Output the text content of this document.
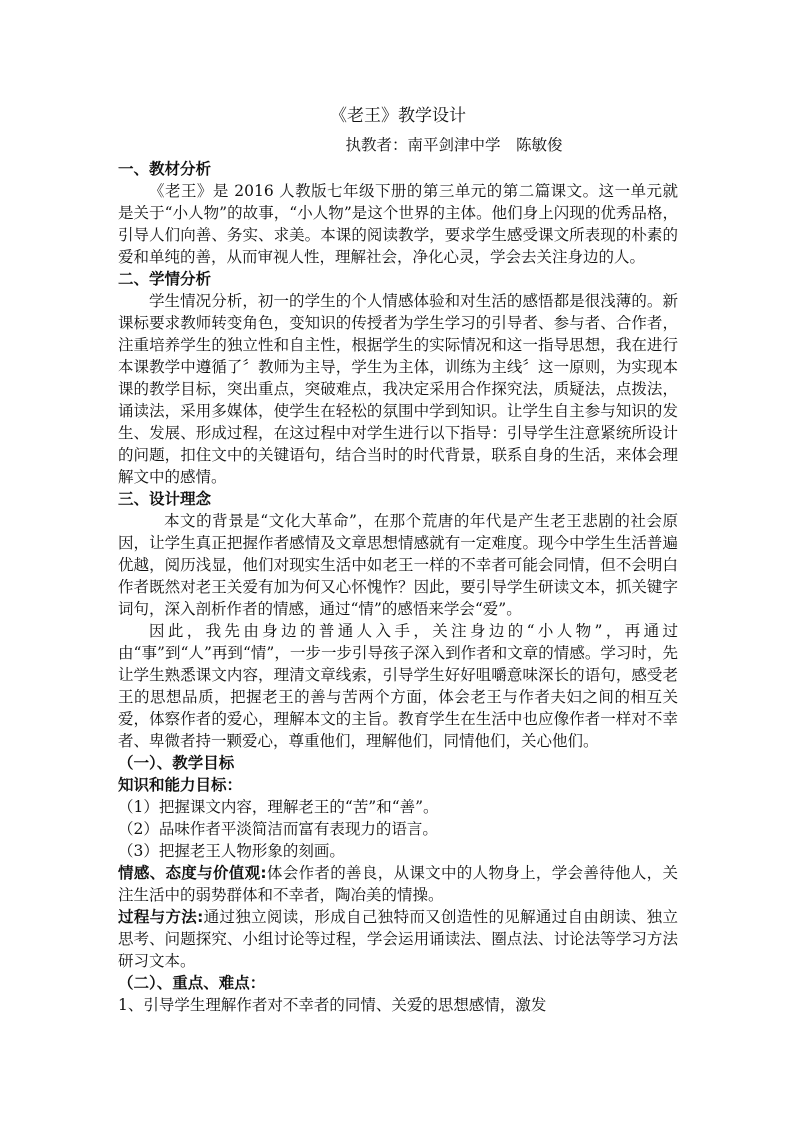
《老王》教学设计
执教者：南平剑津中学　陈敏俊
一、教材分析

《老王》是 2016 人教版七年级下册的第三单元的第二篇课文。这一单元就是关于“小人物”的故事，“小人物”是这个世界的主体。他们身上闪现的优秀品格，引导人们向善、务实、求美。本课的阅读教学，要求学生感受课文所表现的朴素的爱和单纯的善，从而审视人性，理解社会，净化心灵，学会去关注身边的人。

二、学情分析

学生情况分析，初一的学生的个人情感体验和对生活的感悟都是很浅薄的。新课标要求教师转变角色，变知识的传授者为学生学习的引导者、参与者、合作者，注重培养学生的独立性和自主性，根据学生的实际情况和这一指导思想，我在进行本课教学中遵循了〞教师为主导，学生为主体，训练为主线〞这一原则，为实现本课的教学目标，突出重点，突破难点，我决定采用合作探究法，质疑法，点拨法，诵读法，采用多媒体，使学生在轻松的氛围中学到知识。让学生自主参与知识的发生、发展、形成过程，在这过程中对学生进行以下指导：引导学生注意紧统所设计的问题，扣住文中的关键语句，结合当时的时代背景，联系自身的生活，来体会理解文中的感情。

三、设计理念

本文的背景是“文化大革命”，在那个荒唐的年代是产生老王悲剧的社会原因，让学生真正把握作者感情及文章思想情感就有一定难度。现今中学生生活普遍优越，阅历浅显，他们对现实生活中如老王一样的不幸者可能会同情，但不会明白作者既然对老王关爱有加为何又心怀愧怍？因此，要引导学生研读文本，抓关键字词句，深入剖析作者的情感，通过“情”的感悟来学会“爱”。

因此，我先由身边的普通人入手，关注身边的“小人物”，再通过由“事”到“人”再到“情”，一步一步引导孩子深入到作者和文章的情感。学习时，先让学生熟悉课文内容，理清文章线索，引导学生好好咀嚼意味深长的语句，感受老王的思想品质，把握老王的善与苦两个方面，体会老王与作者夫妇之间的相互关爱，体察作者的爱心，理解本文的主旨。教育学生在生活中也应像作者一样对不幸者、卑微者持一颗爱心，尊重他们，理解他们，同情他们，关心他们。

（一）、教学目标
知识和能力目标：
（1）把握课文内容，理解老王的“苦”和“善”。
（2）品味作者平淡简洁而富有表现力的语言。
（3）把握老王人物形象的刻画。

情感、态度与价值观:体会作者的善良，从课文中的人物身上，学会善待他人，关注生活中的弱势群体和不幸者，陶冶美的情操。

过程与方法:通过独立阅读，形成自己独特而又创造性的见解通过自由朗读、独立思考、问题探究、小组讨论等过程，学会运用诵读法、圈点法、讨论法等学习方法研习文本。

（二）、重点、难点：

1、引导学生理解作者对不幸者的同情、关爱的思想感情，激发
